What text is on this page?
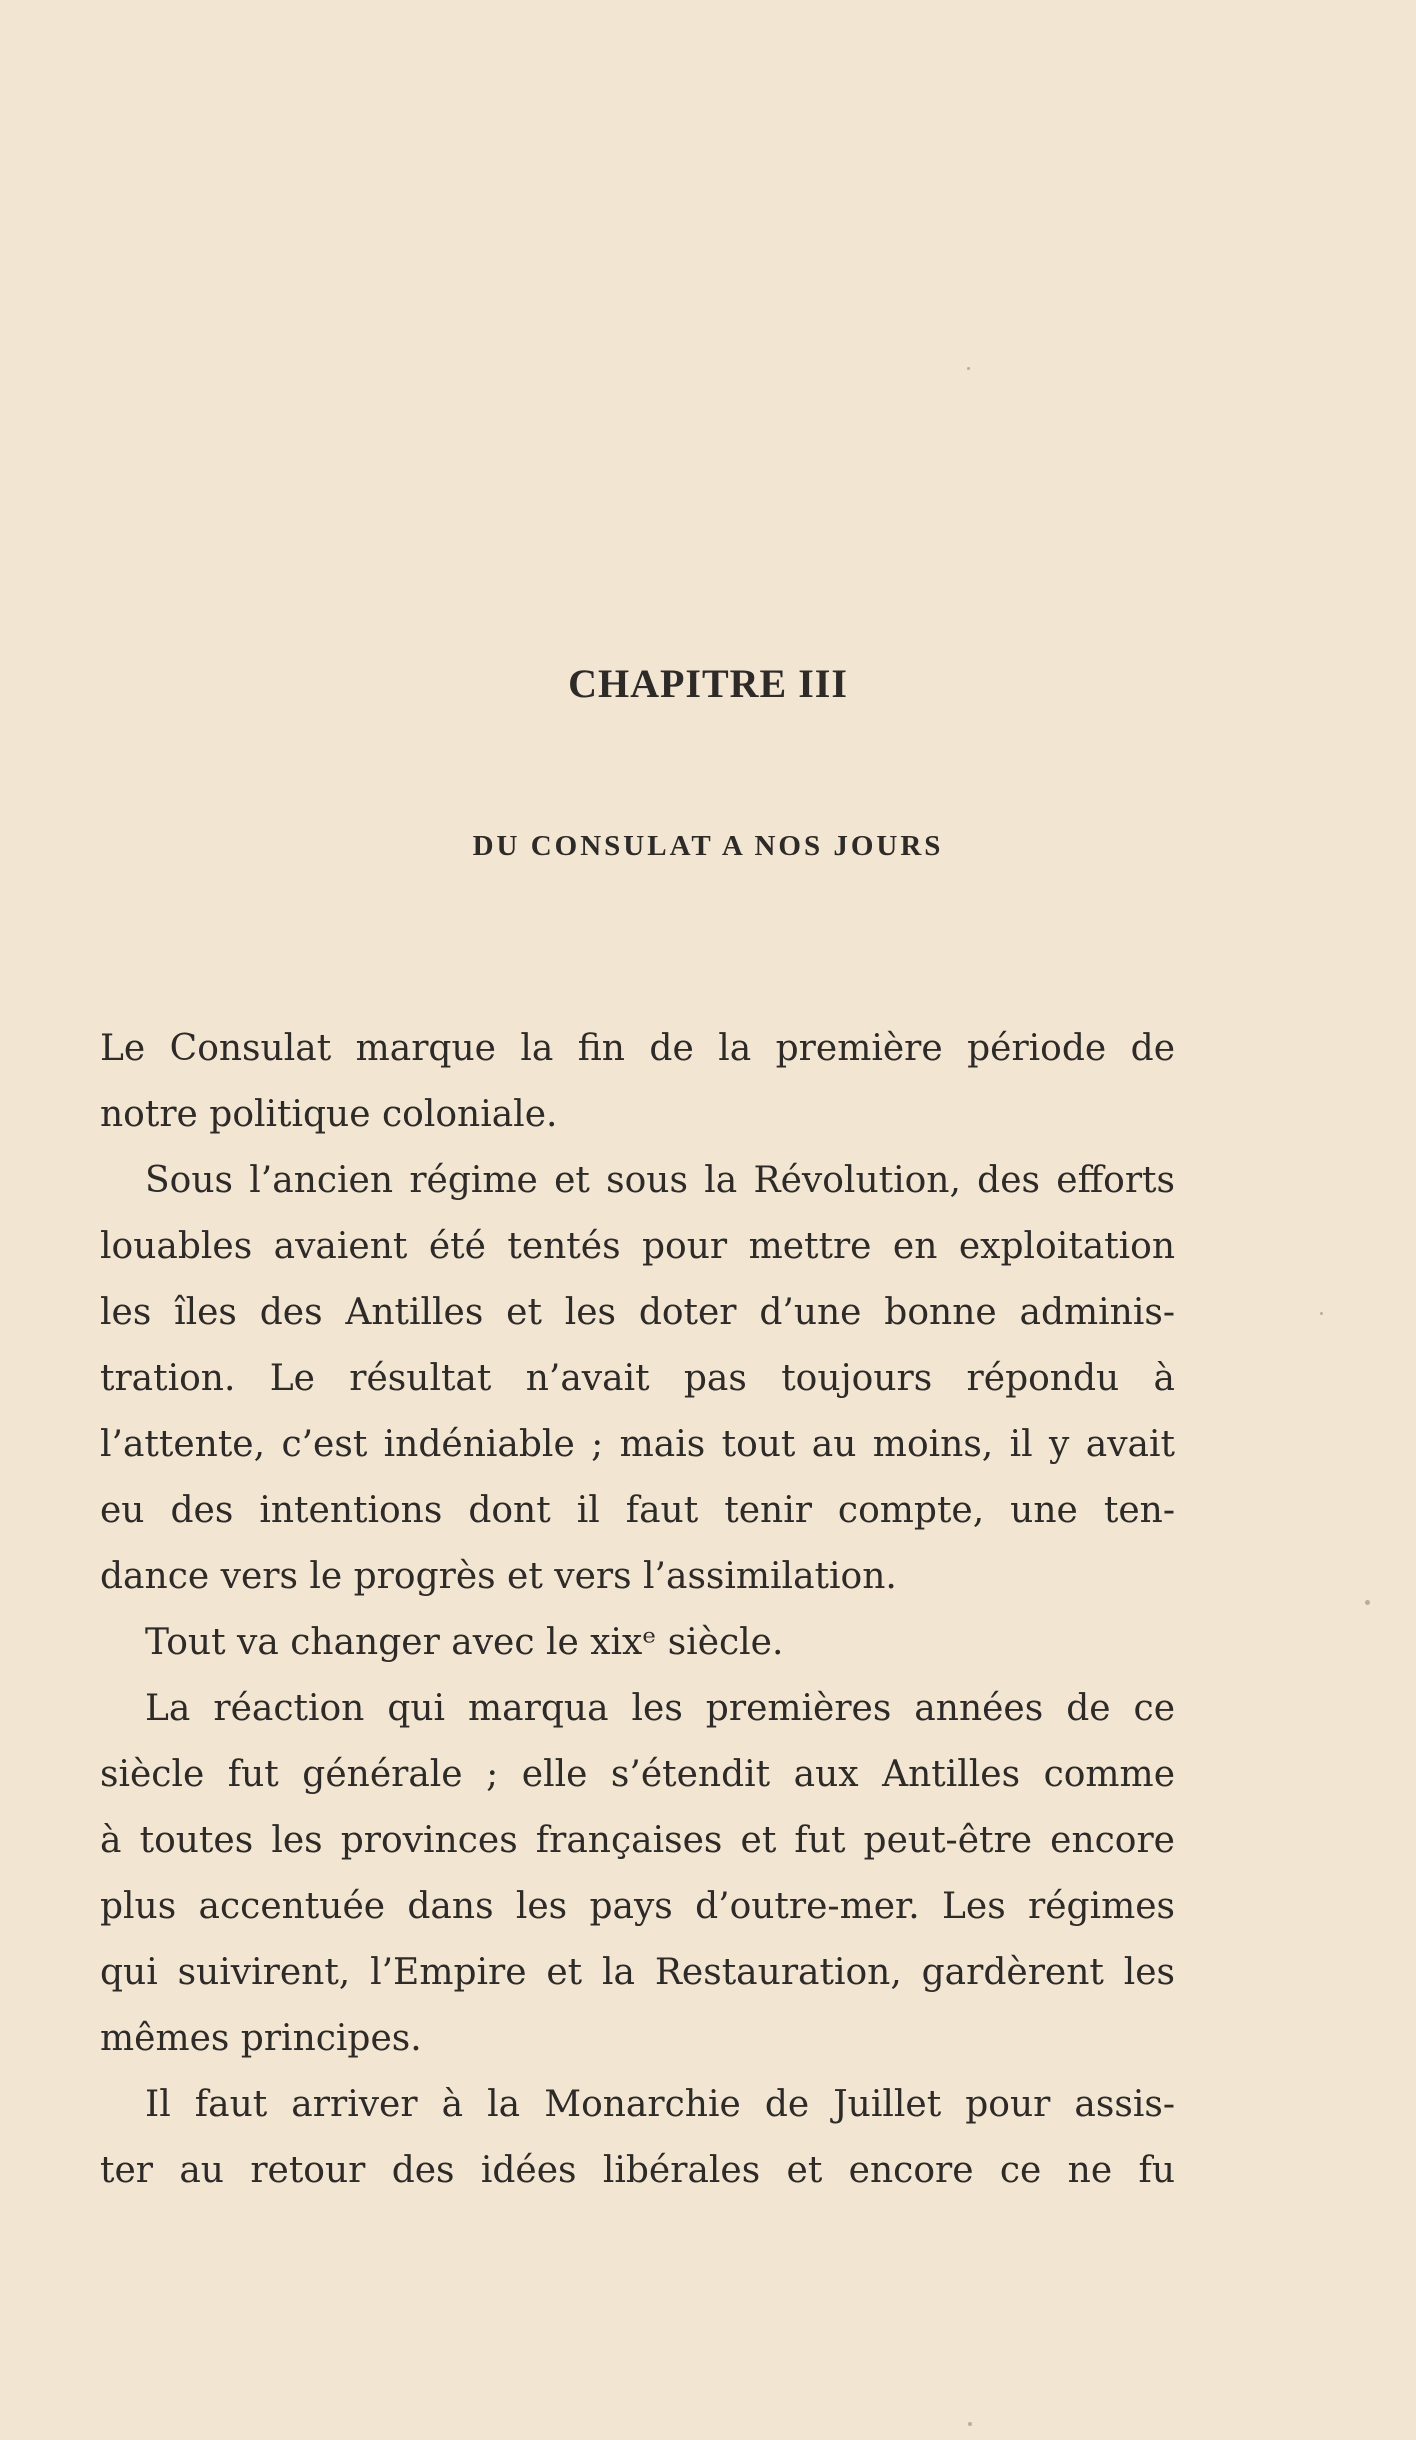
CHAPITRE III
DU CONSULAT A NOS JOURS
Le Consulat marque la fin de la première période de
notre politique coloniale.
Sous l’ancien régime et sous la Révolution, des efforts
louables avaient été tentés pour mettre en exploitation
les îles des Antilles et les doter d’une bonne adminis-
tration. Le résultat n’avait pas toujours répondu à
l’attente, c’est indéniable ; mais tout au moins, il y avait
eu des intentions dont il faut tenir compte, une ten-
dance vers le progrès et vers l’assimilation.
Tout va changer avec le xixᵉ siècle.
La réaction qui marqua les premières années de ce
siècle fut générale ; elle s’étendit aux Antilles comme
à toutes les provinces françaises et fut peut-être encore
plus accentuée dans les pays d’outre-mer. Les régimes
qui suivirent, l’Empire et la Restauration, gardèrent les
mêmes principes.
Il faut arriver à la Monarchie de Juillet pour assis-
ter au retour des idées libérales et encore ce ne fu
